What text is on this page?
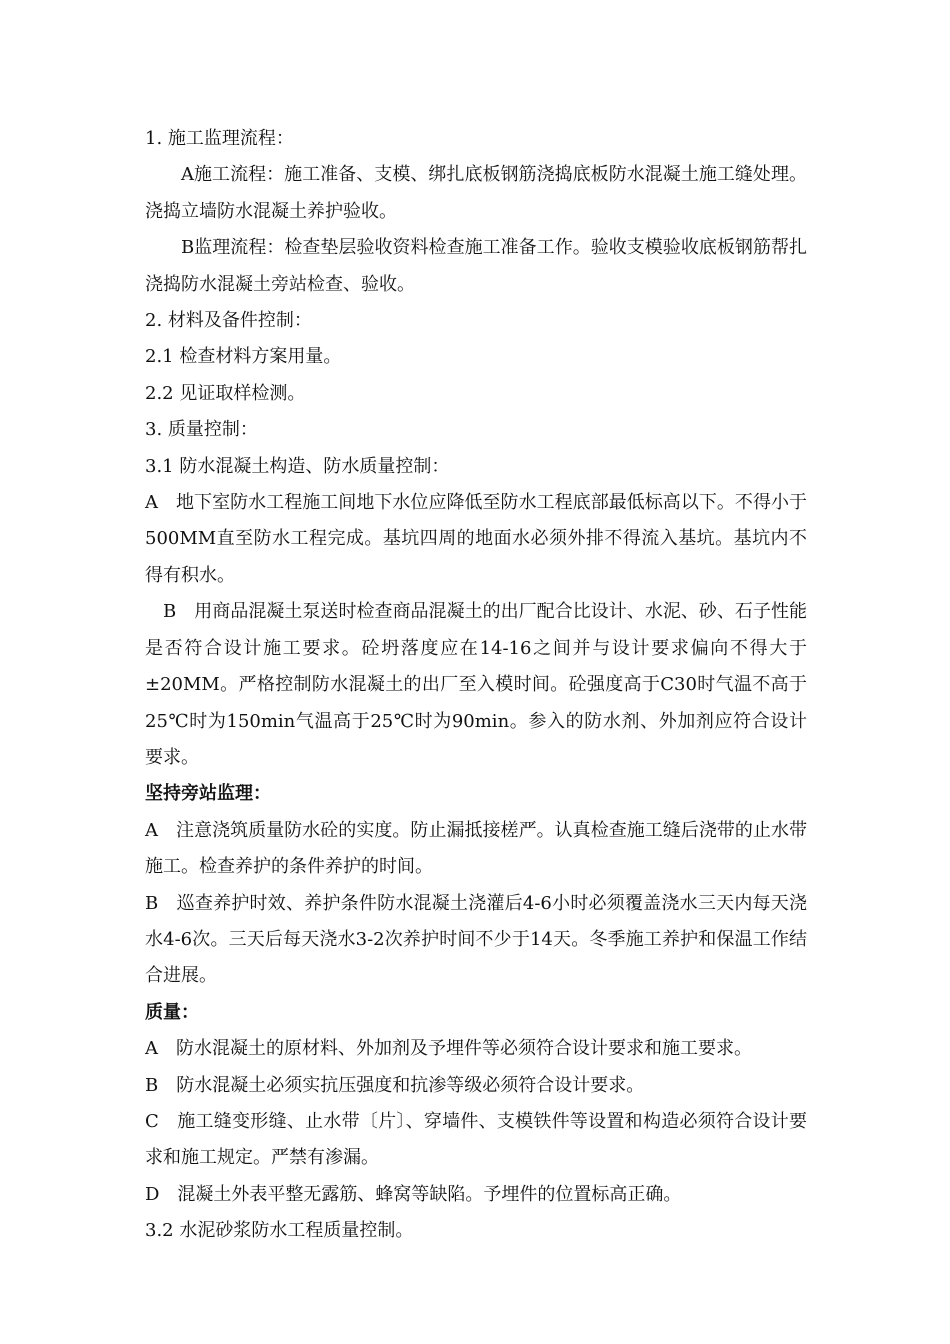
1. 施工监理流程：

A施工流程：施工准备、支模、绑扎底板钢筋浇捣底板防水混凝土施工缝处理。浇捣立墙防水混凝土养护验收。

B监理流程：检查垫层验收资料检查施工准备工作。验收支模验收底板钢筋帮扎浇捣防水混凝土旁站检查、验收。

2. 材料及备件控制：

2.1 检查材料方案用量。

2.2 见证取样检测。

3. 质量控制：

3.1 防水混凝土构造、防水质量控制：

A　地下室防水工程施工间地下水位应降低至防水工程底部最低标高以下。不得小于500MM直至防水工程完成。基坑四周的地面水必须外排不得流入基坑。基坑内不得有积水。

B　用商品混凝土泵送时检查商品混凝土的出厂配合比设计、水泥、砂、石子性能是否符合设计施工要求。砼坍落度应在14-16之间并与设计要求偏向不得大于±20MM。严格控制防水混凝土的出厂至入模时间。砼强度高于C30时气温不高于25℃时为150min气温高于25℃时为90min。参入的防水剂、外加剂应符合设计要求。

坚持旁站监理：

A　注意浇筑质量防水砼的实度。防止漏抵接槎严。认真检查施工缝后浇带的止水带施工。检查养护的条件养护的时间。

B　巡查养护时效、养护条件防水混凝土浇灌后4-6小时必须覆盖浇水三天内每天浇水4-6次。三天后每天浇水3-2次养护时间不少于14天。冬季施工养护和保温工作结合进展。

质量：

A　防水混凝土的原材料、外加剂及予埋件等必须符合设计要求和施工要求。

B　防水混凝土必须实抗压强度和抗渗等级必须符合设计要求。

C　施工缝变形缝、止水带〔片〕、穿墙件、支模铁件等设置和构造必须符合设计要求和施工规定。严禁有渗漏。

D　混凝土外表平整无露筋、蜂窝等缺陷。予埋件的位置标高正确。

3.2 水泥砂浆防水工程质量控制。
